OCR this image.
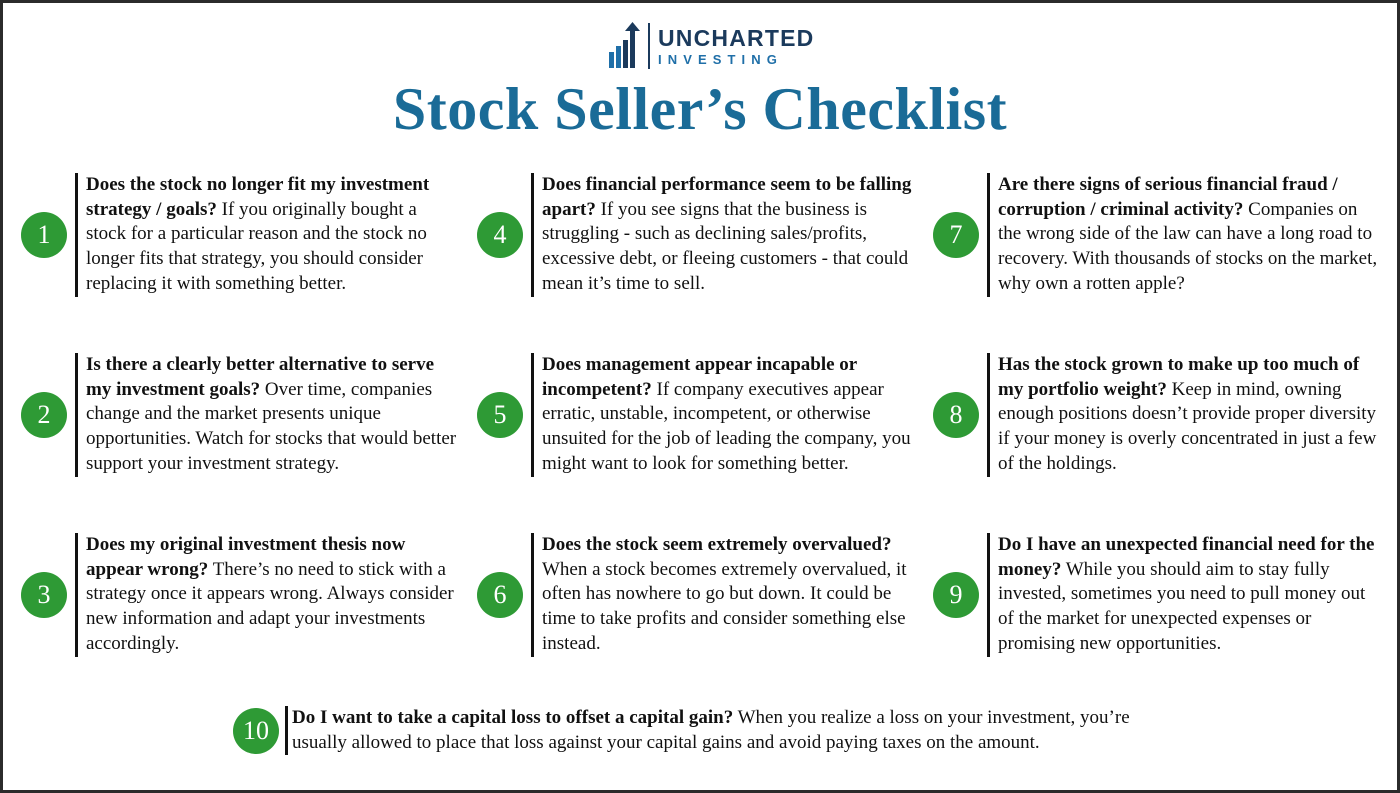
UNCHARTED
INVESTING
Stock Seller’s Checklist
1
Does the stock no longer fit my investment strategy / goals? If you originally bought a stock for a particular reason and the stock no longer fits that strategy, you should consider replacing it with something better.
2
Is there a clearly better alternative to serve my investment goals? Over time, companies change and the market presents unique opportunities. Watch for stocks that would better support your investment strategy.
3
Does my original investment thesis now appear wrong? There’s no need to stick with a strategy once it appears wrong. Always consider new information and adapt your investments accordingly.
4
Does financial performance seem to be falling apart? If you see signs that the business is struggling - such as declining sales/profits, excessive debt, or fleeing customers - that could mean it’s time to sell.
5
Does management appear incapable or incompetent? If company executives appear erratic, unstable, incompetent, or otherwise unsuited for the job of leading the company, you might want to look for something better.
6
Does the stock seem extremely overvalued? When a stock becomes extremely overvalued, it often has nowhere to go but down. It could be time to take profits and consider something else instead.
7
Are there signs of serious financial fraud / corruption / criminal activity? Companies on the wrong side of the law can have a long road to recovery. With thousands of stocks on the market, why own a rotten apple?
8
Has the stock grown to make up too much of my portfolio weight? Keep in mind, owning enough positions doesn’t provide proper diversity if your money is overly concentrated in just a few of the holdings.
9
Do I have an unexpected financial need for the money? While you should aim to stay fully invested, sometimes you need to pull money out of the market for unexpected expenses or promising new opportunities.
10	Do I want to take a capital loss to offset a capital gain? When you realize a loss on your investment, you’re usually allowed to place that loss against your capital gains and avoid paying taxes on the amount.
